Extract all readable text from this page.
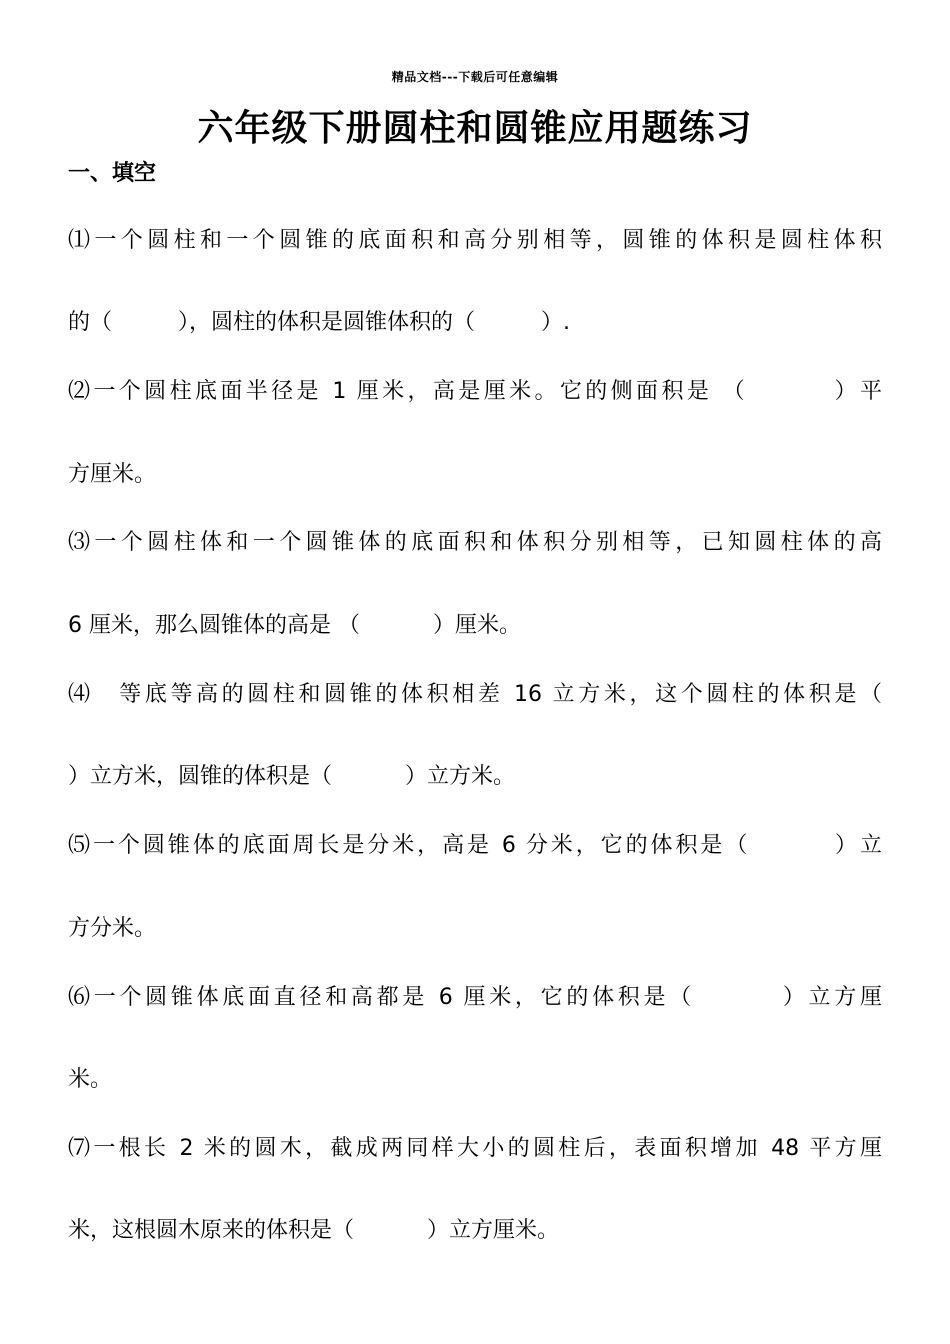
精品文档---下载后可任意编辑
六年级下册圆柱和圆锥应用题练习
一、填空
⑴一个圆柱和一个圆锥的底面积和高分别相等，圆锥的体积是圆柱体积
的（　　　），圆柱的体积是圆锥体积的（　　　）.
⑵一个圆柱底面半径是 1 厘米，高是厘米。它的侧面积是 （　　　 ）平
方厘米。
⑶一个圆柱体和一个圆锥体的底面积和体积分别相等，已知圆柱体的高
6 厘米，那么圆锥体的高是 （　　　 ）厘米。
⑷　等底等高的圆柱和圆锥的体积相差 16 立方米，这个圆柱的体积是（
）立方米，圆锥的体积是（　　　 ）立方米。
⑸一个圆锥体的底面周长是分米，高是 6 分米，它的体积是（　　　 ）立
方分米。
⑹一个圆锥体底面直径和高都是 6 厘米，它的体积是（　　　 ）立方厘
米。
⑺一根长 2 米的圆木，截成两同样大小的圆柱后，表面积增加 48 平方厘
米，这根圆木原来的体积是（　　　 ）立方厘米。
